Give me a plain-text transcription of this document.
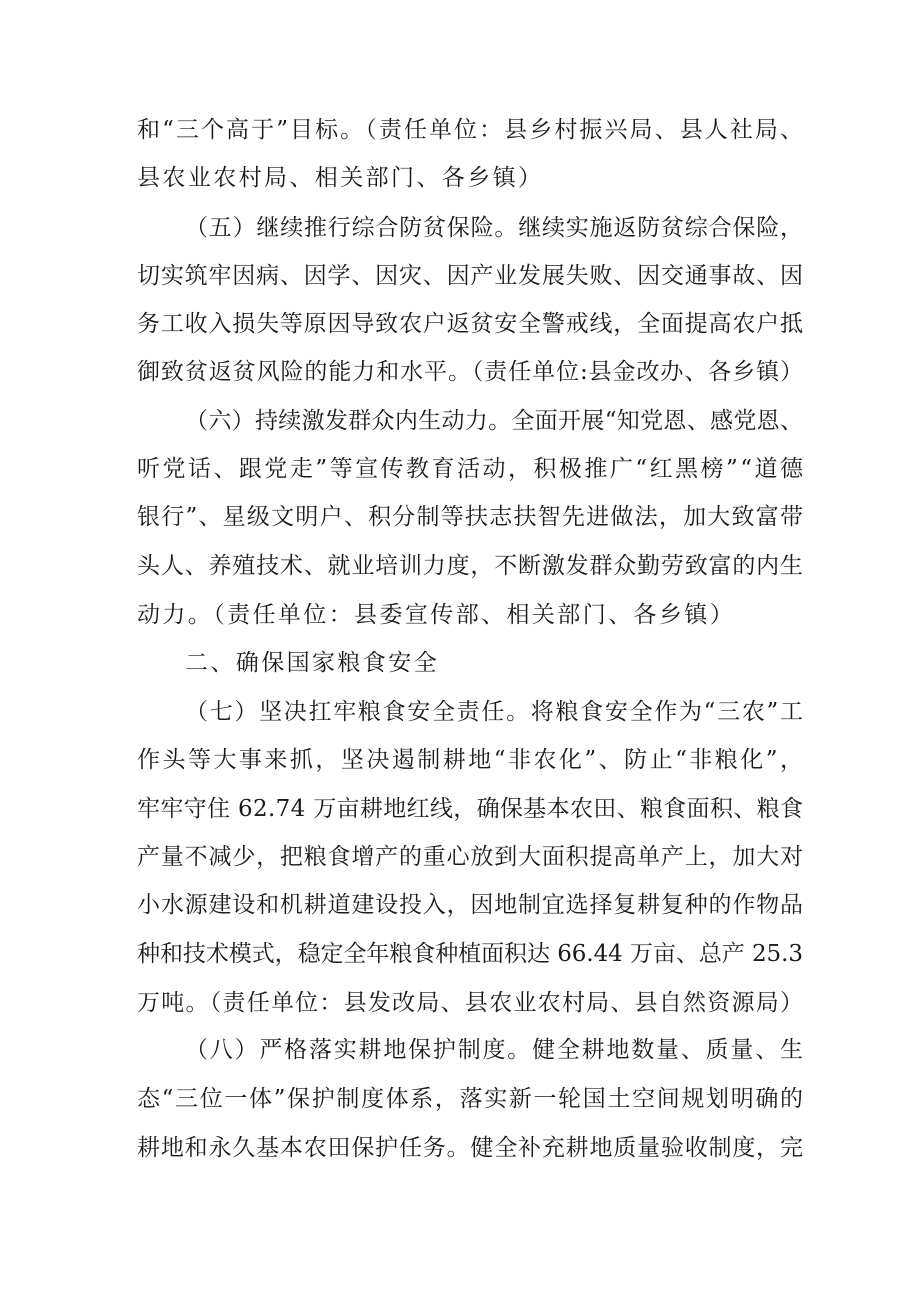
和“三个高于”目标。（责任单位：县乡村振兴局、县人社局、
县农业农村局、相关部门、各乡镇）
（五）继续推行综合防贫保险。继续实施返防贫综合保险，
切实筑牢因病、因学、因灾、因产业发展失败、因交通事故、因
务工收入损失等原因导致农户返贫安全警戒线，全面提高农户抵
御致贫返贫风险的能力和水平。（责任单位:县金改办、各乡镇）
（六）持续激发群众内生动力。全面开展“知党恩、感党恩、
听党话、跟党走”等宣传教育活动，积极推广“红黑榜”“道德
银行”、星级文明户、积分制等扶志扶智先进做法，加大致富带
头人、养殖技术、就业培训力度，不断激发群众勤劳致富的内生
动力。（责任单位：县委宣传部、相关部门、各乡镇）
二、确保国家粮食安全
（七）坚决扛牢粮食安全责任。将粮食安全作为“三农”工
作头等大事来抓，坚决遏制耕地“非农化”、防止“非粮化”，
牢牢守住 62.74 万亩耕地红线，确保基本农田、粮食面积、粮食
产量不减少，把粮食增产的重心放到大面积提高单产上，加大对
小水源建设和机耕道建设投入，因地制宜选择复耕复种的作物品
种和技术模式，稳定全年粮食种植面积达 66.44 万亩、总产 25.3
万吨。（责任单位：县发改局、县农业农村局、县自然资源局）
（八）严格落实耕地保护制度。健全耕地数量、质量、生
态“三位一体”保护制度体系，落实新一轮国土空间规划明确的
耕地和永久基本农田保护任务。健全补充耕地质量验收制度，完
